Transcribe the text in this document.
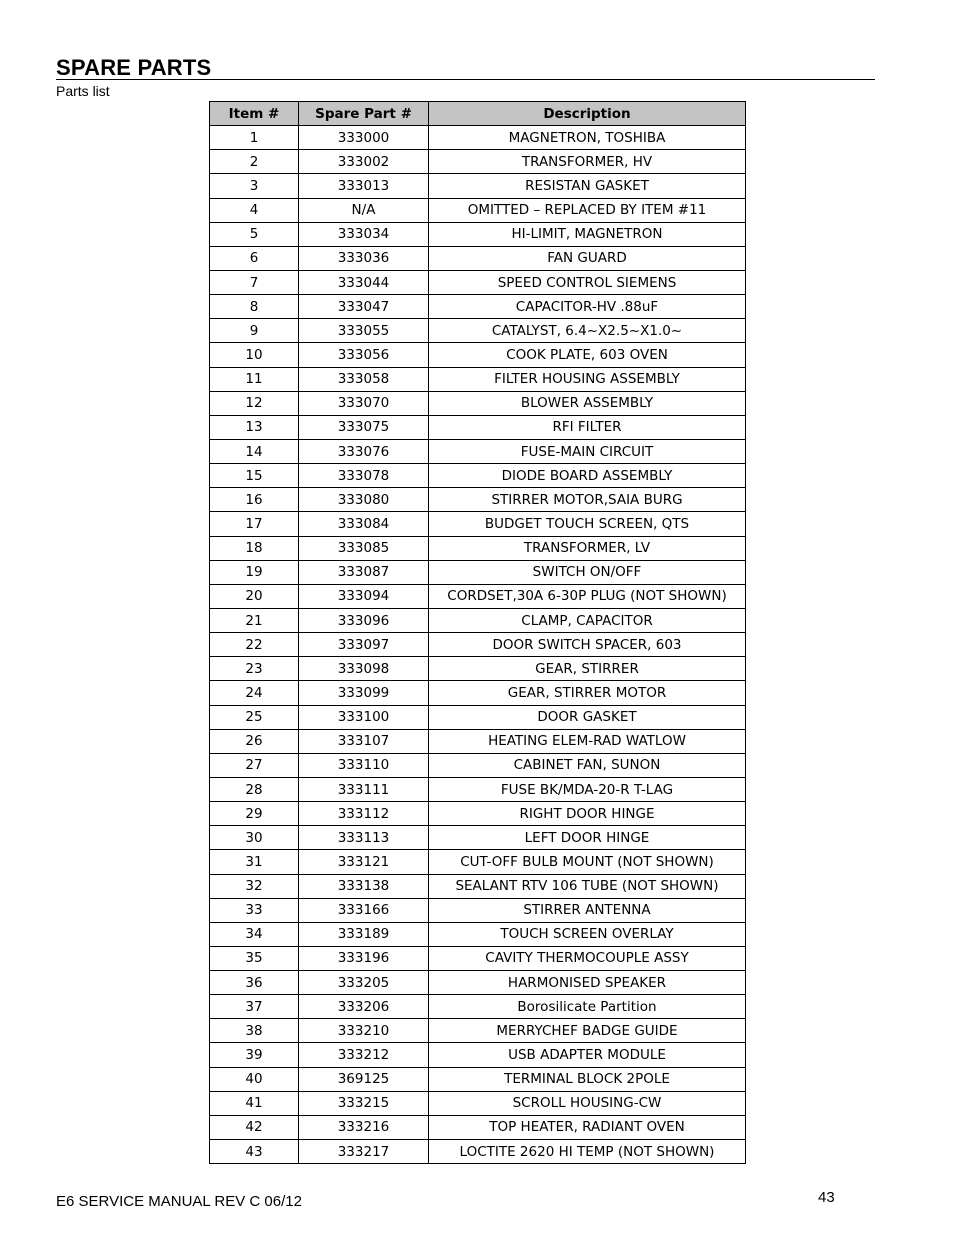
SPARE PARTS
Parts list
Item #	Spare Part #	Description
1	333000	MAGNETRON, TOSHIBA
2	333002	TRANSFORMER, HV
3	333013	RESISTAN GASKET
4	N/A	OMITTED – REPLACED BY ITEM #11
5	333034	HI-LIMIT, MAGNETRON
6	333036	FAN GUARD
7	333044	SPEED CONTROL SIEMENS
8	333047	CAPACITOR-HV .88uF
9	333055	CATALYST, 6.4~X2.5~X1.0~
10	333056	COOK PLATE, 603 OVEN
11	333058	FILTER HOUSING ASSEMBLY
12	333070	BLOWER ASSEMBLY
13	333075	RFI FILTER
14	333076	FUSE-MAIN CIRCUIT
15	333078	DIODE BOARD ASSEMBLY
16	333080	STIRRER MOTOR,SAIA BURG
17	333084	BUDGET TOUCH SCREEN, QTS
18	333085	TRANSFORMER, LV
19	333087	SWITCH ON/OFF
20	333094	CORDSET,30A 6-30P PLUG (NOT SHOWN)
21	333096	CLAMP, CAPACITOR
22	333097	DOOR SWITCH SPACER, 603
23	333098	GEAR, STIRRER
24	333099	GEAR, STIRRER MOTOR
25	333100	DOOR GASKET
26	333107	HEATING ELEM-RAD WATLOW
27	333110	CABINET FAN, SUNON
28	333111	FUSE BK/MDA-20-R T-LAG
29	333112	RIGHT DOOR HINGE
30	333113	LEFT DOOR HINGE
31	333121	CUT-OFF BULB MOUNT (NOT SHOWN)
32	333138	SEALANT RTV 106 TUBE (NOT SHOWN)
33	333166	STIRRER ANTENNA
34	333189	TOUCH SCREEN OVERLAY
35	333196	CAVITY THERMOCOUPLE ASSY
36	333205	HARMONISED SPEAKER
37	333206	Borosilicate Partition
38	333210	MERRYCHEF BADGE GUIDE
39	333212	USB ADAPTER MODULE
40	369125	TERMINAL BLOCK 2POLE
41	333215	SCROLL HOUSING-CW
42	333216	TOP HEATER, RADIANT OVEN
43	333217	LOCTITE 2620 HI TEMP (NOT SHOWN)
E6 SERVICE MANUAL REV C 06/12	43
